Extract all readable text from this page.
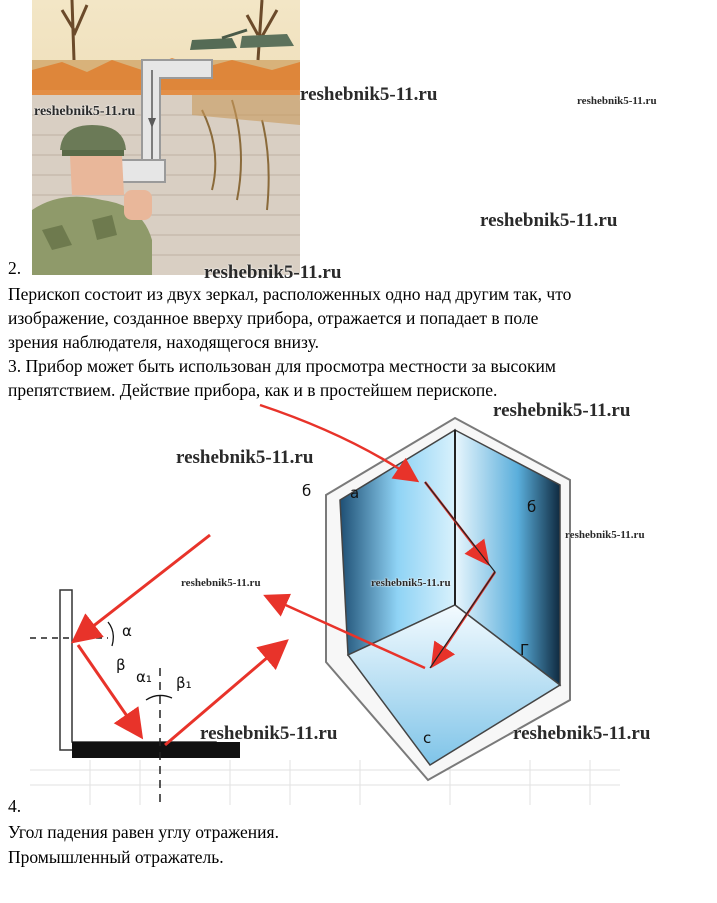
2.
Перископ состоит из двух зеркал, расположенных одно над другим так, что
изображение, созданное вверху прибора, отражается и попадает в поле
зрения наблюдателя, находящегося внизу.
3. Прибор может быть использован для просмотра местности за высоким
препятствием. Действие прибора, как и в простейшем перископе.
б	а
б
Г
с
α
β
α₁ β₁
4.
Угол падения равен углу отражения.
Промышленный отражатель.
reshebnik5-11.ru
reshebnik5-11.ru
reshebnik5-11.ru
reshebnik5-11.ru
reshebnik5-11.ru
reshebnik5-11.ru
reshebnik5-11.ru
reshebnik5-11.ru
reshebnik5-11.ru	reshebnik5-11.ru
reshebnik5-11.ru	reshebnik5-11.ru
